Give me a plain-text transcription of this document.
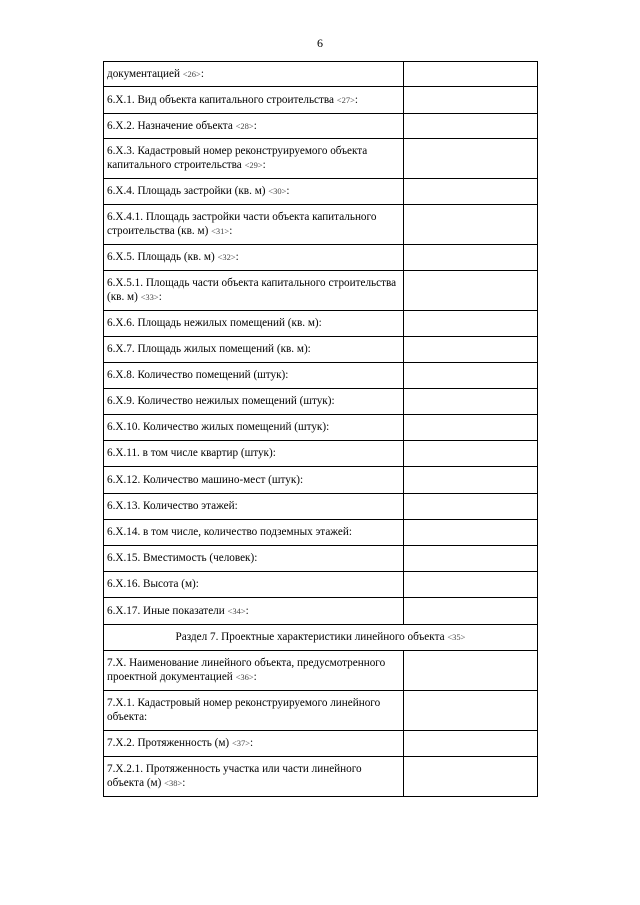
6
документацией <26>:	
6.X.1. Вид объекта капитального строительства <27>:	
6.X.2. Назначение объекта <28>:	
6.X.3. Кадастровый номер реконструируемого объекта капитального строительства <29>:	
6.X.4. Площадь застройки (кв. м) <30>:	
6.X.4.1. Площадь застройки части объекта капитального строительства (кв. м) <31>:	
6.X.5. Площадь (кв. м) <32>:	
6.X.5.1. Площадь части объекта капитального строительства (кв. м) <33>:	
6.X.6. Площадь нежилых помещений (кв. м):	
6.X.7. Площадь жилых помещений (кв. м):	
6.X.8. Количество помещений (штук):	
6.X.9. Количество нежилых помещений (штук):	
6.X.10. Количество жилых помещений (штук):	
6.X.11. в том числе квартир (штук):	
6.X.12. Количество машино-мест (штук):	
6.X.13. Количество этажей:	
6.X.14. в том числе, количество подземных этажей:	
6.X.15. Вместимость (человек):	
6.X.16. Высота (м):	
6.X.17. Иные показатели <34>:	
Раздел 7. Проектные характеристики линейного объекта <35>	
7.X. Наименование линейного объекта, предусмотренного проектной документацией <36>:	
7.X.1. Кадастровый номер реконструируемого линейного объекта:	
7.X.2. Протяженность (м) <37>:	
7.X.2.1. Протяженность участка или части линейного объекта (м) <38>:	
